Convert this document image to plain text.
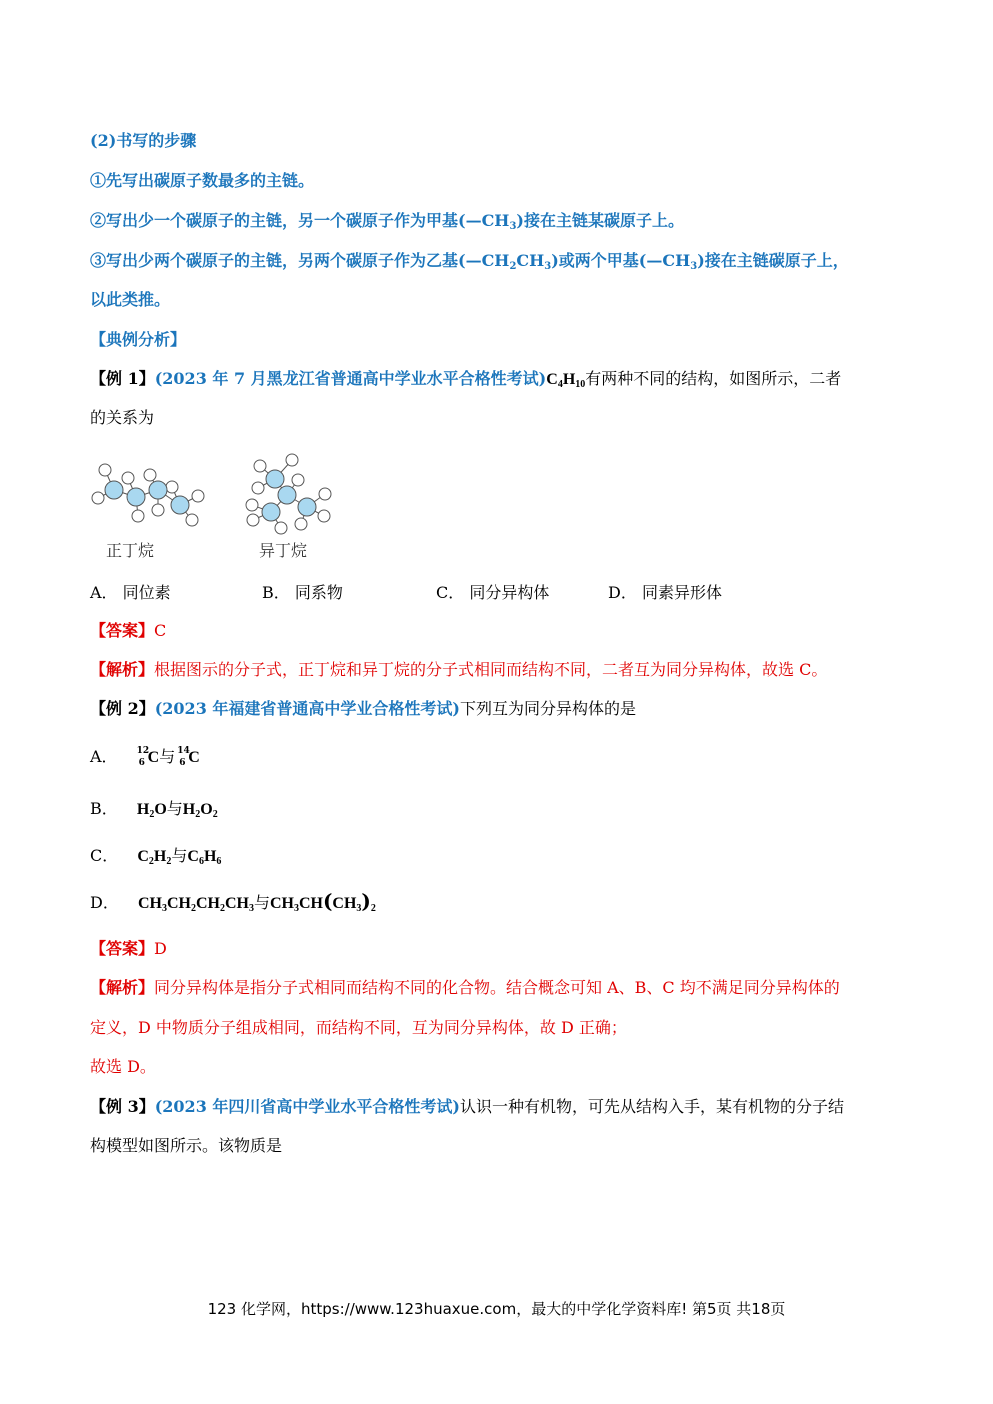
(2)书写的步骤
①先写出碳原子数最多的主链。
②写出少一个碳原子的主链，另一个碳原子作为甲基$(—CH_3)$接在主链某碳原子上。
③写出少两个碳原子的主链，另两个碳原子作为乙基$(—CH_2CH_3)$或两个甲基$(—CH_3)$接在主链碳原子上，
以此类推。
【典例分析】
【例 1】(2023 年 7 月黑龙江省普通高中学业水平合格性考试)$C_4H_{10}$有两种不同的结构，如图所示，二者
的关系为
正丁烷	异丁烷
A． 同位素	B． 同系物	C． 同分异构体	D． 同素异形体
【答案】C
【解析】根据图示的分子式，正丁烷和异丁烷的分子式相同而结构不同，二者互为同分异构体，故选 C。
【例 2】(2023 年福建省普通高中学业合格性考试)下列互为同分异构体的是
A． 12
6 C与 14
6 C
B． $H_2O$与$H_2O_2$
C． $C_2H_2$与$C_6H_6$
D． $CH_3CH_2CH_2CH_3$与$CH_3CH(CH_3)_2$
【答案】D
【解析】同分异构体是指分子式相同而结构不同的化合物。结合概念可知 A、B、C 均不满足同分异构体的
定义，D 中物质分子组成相同，而结构不同，互为同分异构体，故 D 正确；
故选 D。
【例 3】(2023 年四川省高中学业水平合格性考试)认识一种有机物，可先从结构入手，某有机物的分子结
构模型如图所示。该物质是
123 化学网，https://www.123huaxue.com，最大的中学化学资料库! 第5页 共18页
